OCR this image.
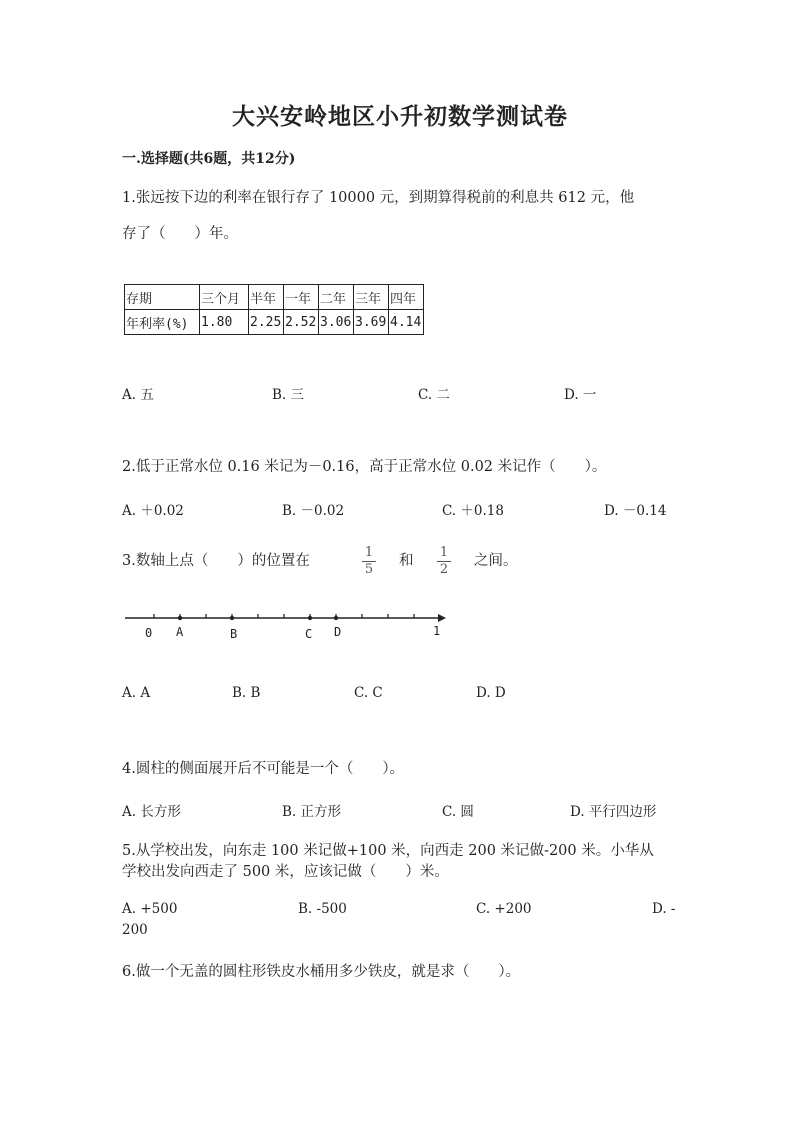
大兴安岭地区小升初数学测试卷
一.选择题(共6题，共12分)
1.张远按下边的利率在银行存了 10000 元，到期算得税前的利息共 612 元，他
存了（　　）年。
存期	三个月	半年	一年	二年	三年	四年
年利率(%)	1.80	2.25	2.52	3.06	3.69	4.14
A. 五	B. 三	C. 二	D. 一
2.低于正常水位 0.16 米记为－0.16，高于正常水位 0.02 米记作（　　）。
A. ＋0.02	B. －0.02	C. ＋0.18	D. －0.14
3.数轴上点（　　）的位置在
1
5
和
1
2
之间。
0 A	B	C D	1
A. A	B. B	C. C	D. D
4.圆柱的侧面展开后不可能是一个（　　）。
A. 长方形	B. 正方形	C. 圆	D. 平行四边形
5.从学校出发，向东走 100 米记做+100 米，向西走 200 米记做-200 米。小华从
学校出发向西走了 500 米，应该记做（　　）米。
A. +500	B. -500	C. +200	D. -
200
6.做一个无盖的圆柱形铁皮水桶用多少铁皮，就是求（　　）。
